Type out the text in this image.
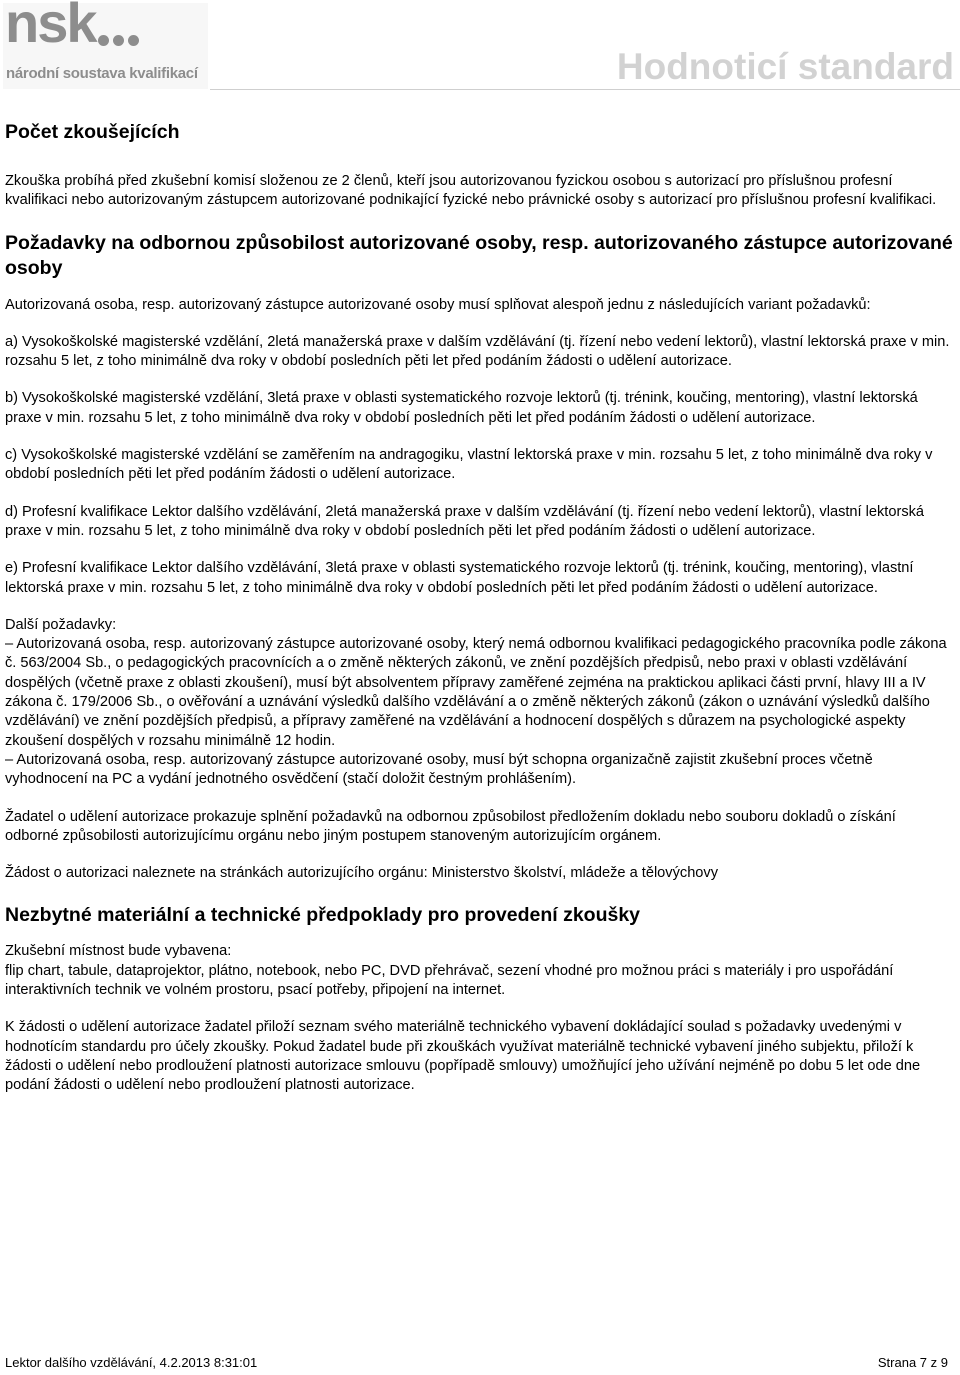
nsk
národní soustava kvalifikací	Hodnoticí standard
Počet zkoušejících

Zkouška probíhá před zkušební komisí složenou ze 2 členů, kteří jsou autorizovanou fyzickou osobou s autorizací pro příslušnou profesní kvalifikaci nebo autorizovaným zástupcem autorizované podnikající fyzické nebo právnické osoby s autorizací pro příslušnou profesní kvalifikaci.

Požadavky na odbornou způsobilost autorizované osoby, resp. autorizovaného zástupce autorizované osoby

Autorizovaná osoba, resp. autorizovaný zástupce autorizované osoby musí splňovat alespoň jednu z následujících variant požadavků:

a) Vysokoškolské magisterské vzdělání, 2letá manažerská praxe v dalším vzdělávání (tj. řízení nebo vedení lektorů), vlastní lektorská praxe v min. rozsahu 5 let, z toho minimálně dva roky v období posledních pěti let před podáním žádosti o udělení autorizace.

b) Vysokoškolské magisterské vzdělání, 3letá praxe v oblasti systematického rozvoje lektorů (tj. trénink, koučing, mentoring), vlastní lektorská praxe v min. rozsahu 5 let, z toho minimálně dva roky v období posledních pěti let před podáním žádosti o udělení autorizace.

c) Vysokoškolské magisterské vzdělání se zaměřením na andragogiku, vlastní lektorská praxe v min. rozsahu 5 let, z toho minimálně dva roky v období posledních pěti let před podáním žádosti o udělení autorizace.

d) Profesní kvalifikace Lektor dalšího vzdělávání, 2letá manažerská praxe v dalším vzdělávání (tj. řízení nebo vedení lektorů), vlastní lektorská praxe v min. rozsahu 5 let, z toho minimálně dva roky v období posledních pěti let před podáním žádosti o udělení autorizace.

e) Profesní kvalifikace Lektor dalšího vzdělávání, 3letá praxe v oblasti systematického rozvoje lektorů (tj. trénink, koučing, mentoring), vlastní lektorská praxe v min. rozsahu 5 let, z toho minimálně dva roky v období posledních pěti let před podáním žádosti o udělení autorizace.

Další požadavky:

– Autorizovaná osoba, resp. autorizovaný zástupce autorizované osoby, který nemá odbornou kvalifikaci pedagogického pracovníka podle zákona č. 563/2004 Sb., o pedagogických pracovnících a o změně některých zákonů, ve znění pozdějších předpisů, nebo praxi v oblasti vzdělávání dospělých (včetně praxe z oblasti zkoušení), musí být absolventem přípravy zaměřené zejména na praktickou aplikaci části první, hlavy III a IV zákona č. 179/2006 Sb., o ověřování a uznávání výsledků dalšího vzdělávání a o změně některých zákonů (zákon o uznávání výsledků dalšího vzdělávání) ve znění pozdějších předpisů, a přípravy zaměřené na vzdělávání a hodnocení dospělých s důrazem na psychologické aspekty zkoušení dospělých v rozsahu minimálně 12 hodin.

– Autorizovaná osoba, resp. autorizovaný zástupce autorizované osoby, musí být schopna organizačně zajistit zkušební proces včetně vyhodnocení na PC a vydání jednotného osvědčení (stačí doložit čestným prohlášením).

Žadatel o udělení autorizace prokazuje splnění požadavků na odbornou způsobilost předložením dokladu nebo souboru dokladů o získání odborné způsobilosti autorizujícímu orgánu nebo jiným postupem stanoveným autorizujícím orgánem.

Žádost o autorizaci naleznete na stránkách autorizujícího orgánu: Ministerstvo školství, mládeže a tělovýchovy

Nezbytné materiální a technické předpoklady pro provedení zkoušky

Zkušební místnost bude vybavena:

flip chart, tabule, dataprojektor, plátno, notebook, nebo PC, DVD přehrávač, sezení vhodné pro možnou práci s materiály i pro uspořádání interaktivních technik ve volném prostoru, psací potřeby, připojení na internet.

K žádosti o udělení autorizace žadatel přiloží seznam svého materiálně technického vybavení dokládající soulad s požadavky uvedenými v hodnotícím standardu pro účely zkoušky. Pokud žadatel bude při zkouškách využívat materiálně technické vybavení jiného subjektu, přiloží k žádosti o udělení nebo prodloužení platnosti autorizace smlouvu (popřípadě smlouvy) umožňující jeho užívání nejméně po dobu 5 let ode dne podání žádosti o udělení nebo prodloužení platnosti autorizace.

Lektor dalšího vzdělávání, 4.2.2013 8:31:01	Strana 7 z 9
